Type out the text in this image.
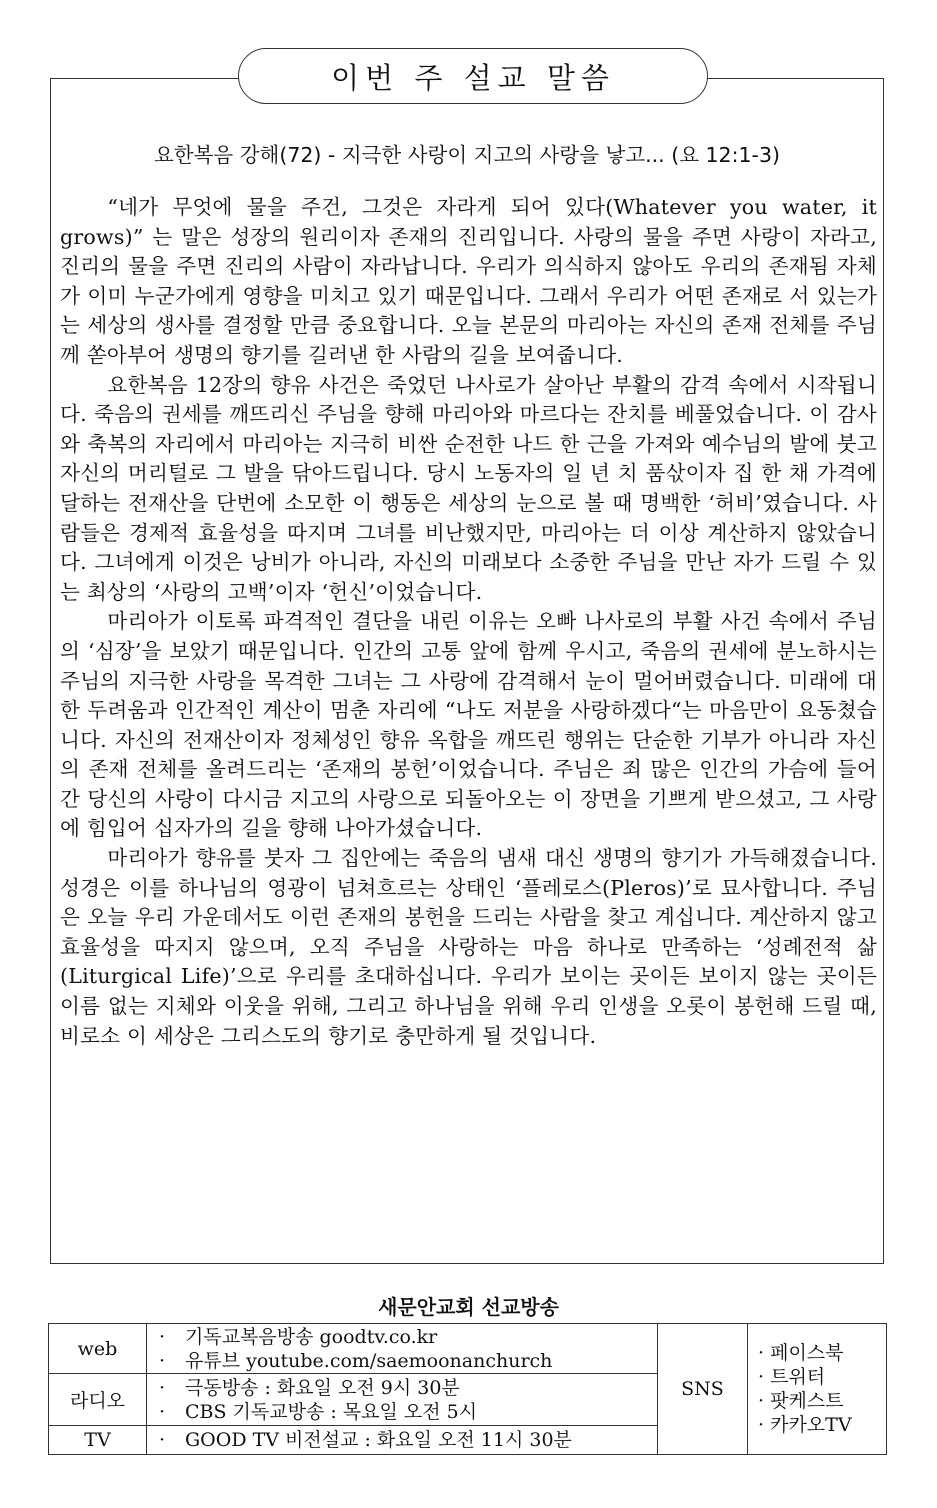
이번 주 설교 말씀
요한복음 강해(72) - 지극한 사랑이 지고의 사랑을 낳고... (요 12:1-3)

“네가 무엇에 물을 주건, 그것은 자라게 되어 있다(Whatever you water, it grows)” 는 말은 성장의 원리이자 존재의 진리입니다. 사랑의 물을 주면 사랑이 자라고, 진리의 물을 주면 진리의 사람이 자라납니다. 우리가 의식하지 않아도 우리의 존재됨 자체가 이미 누군가에게 영향을 미치고 있기 때문입니다. 그래서 우리가 어떤 존재로 서 있는가는 세상의 생사를 결정할 만큼 중요합니다. 오늘 본문의 마리아는 자신의 존재 전체를 주님께 쏟아부어 생명의 향기를 길러낸 한 사람의 길을 보여줍니다.

요한복음 12장의 향유 사건은 죽었던 나사로가 살아난 부활의 감격 속에서 시작됩니다. 죽음의 권세를 깨뜨리신 주님을 향해 마리아와 마르다는 잔치를 베풀었습니다. 이 감사와 축복의 자리에서 마리아는 지극히 비싼 순전한 나드 한 근을 가져와 예수님의 발에 붓고 자신의 머리털로 그 발을 닦아드립니다. 당시 노동자의 일 년 치 품삯이자 집 한 채 가격에 달하는 전재산을 단번에 소모한 이 행동은 세상의 눈으로 볼 때 명백한 ‘허비’였습니다. 사람들은 경제적 효율성을 따지며 그녀를 비난했지만, 마리아는 더 이상 계산하지 않았습니다. 그녀에게 이것은 낭비가 아니라, 자신의 미래보다 소중한 주님을 만난 자가 드릴 수 있는 최상의 ‘사랑의 고백’이자 ‘헌신’이었습니다.

마리아가 이토록 파격적인 결단을 내린 이유는 오빠 나사로의 부활 사건 속에서 주님의 ‘심장’을 보았기 때문입니다. 인간의 고통 앞에 함께 우시고, 죽음의 권세에 분노하시는 주님의 지극한 사랑을 목격한 그녀는 그 사랑에 감격해서 눈이 멀어버렸습니다. 미래에 대한 두려움과 인간적인 계산이 멈춘 자리에 “나도 저분을 사랑하겠다“는 마음만이 요동쳤습니다. 자신의 전재산이자 정체성인 향유 옥합을 깨뜨린 행위는 단순한 기부가 아니라 자신의 존재 전체를 올려드리는 ‘존재의 봉헌’이었습니다. 주님은 죄 많은 인간의 가슴에 들어간 당신의 사랑이 다시금 지고의 사랑으로 되돌아오는 이 장면을 기쁘게 받으셨고, 그 사랑에 힘입어 십자가의 길을 향해 나아가셨습니다.

마리아가 향유를 붓자 그 집안에는 죽음의 냄새 대신 생명의 향기가 가득해졌습니다. 성경은 이를 하나님의 영광이 넘쳐흐르는 상태인 ‘플레로스(Pleros)’로 묘사합니다. 주님은 오늘 우리 가운데서도 이런 존재의 봉헌을 드리는 사람을 찾고 계십니다. 계산하지 않고 효율성을 따지지 않으며, 오직 주님을 사랑하는 마음 하나로 만족하는 ‘성례전적 삶(Liturgical Life)’으로 우리를 초대하십니다. 우리가 보이는 곳이든 보이지 않는 곳이든 이름 없는 지체와 이웃을 위해, 그리고 하나님을 위해 우리 인생을 오롯이 봉헌해 드릴 때, 비로소 이 세상은 그리스도의 향기로 충만하게 될 것입니다.

새문안교회 선교방송
web	· 기독교복음방송 goodtv.co.kr
· 유튜브 youtube.com/saemoonanchurch	SNS	· 페이스북
· 트위터
· 팟케스트
· 카카오TV

라디오	· 극동방송 : 화요일 오전 9시 30분
· CBS 기독교방송 : 목요일 오전 5시		

TV	· GOOD TV 비전설교 : 화요일 오전 11시 30분		
